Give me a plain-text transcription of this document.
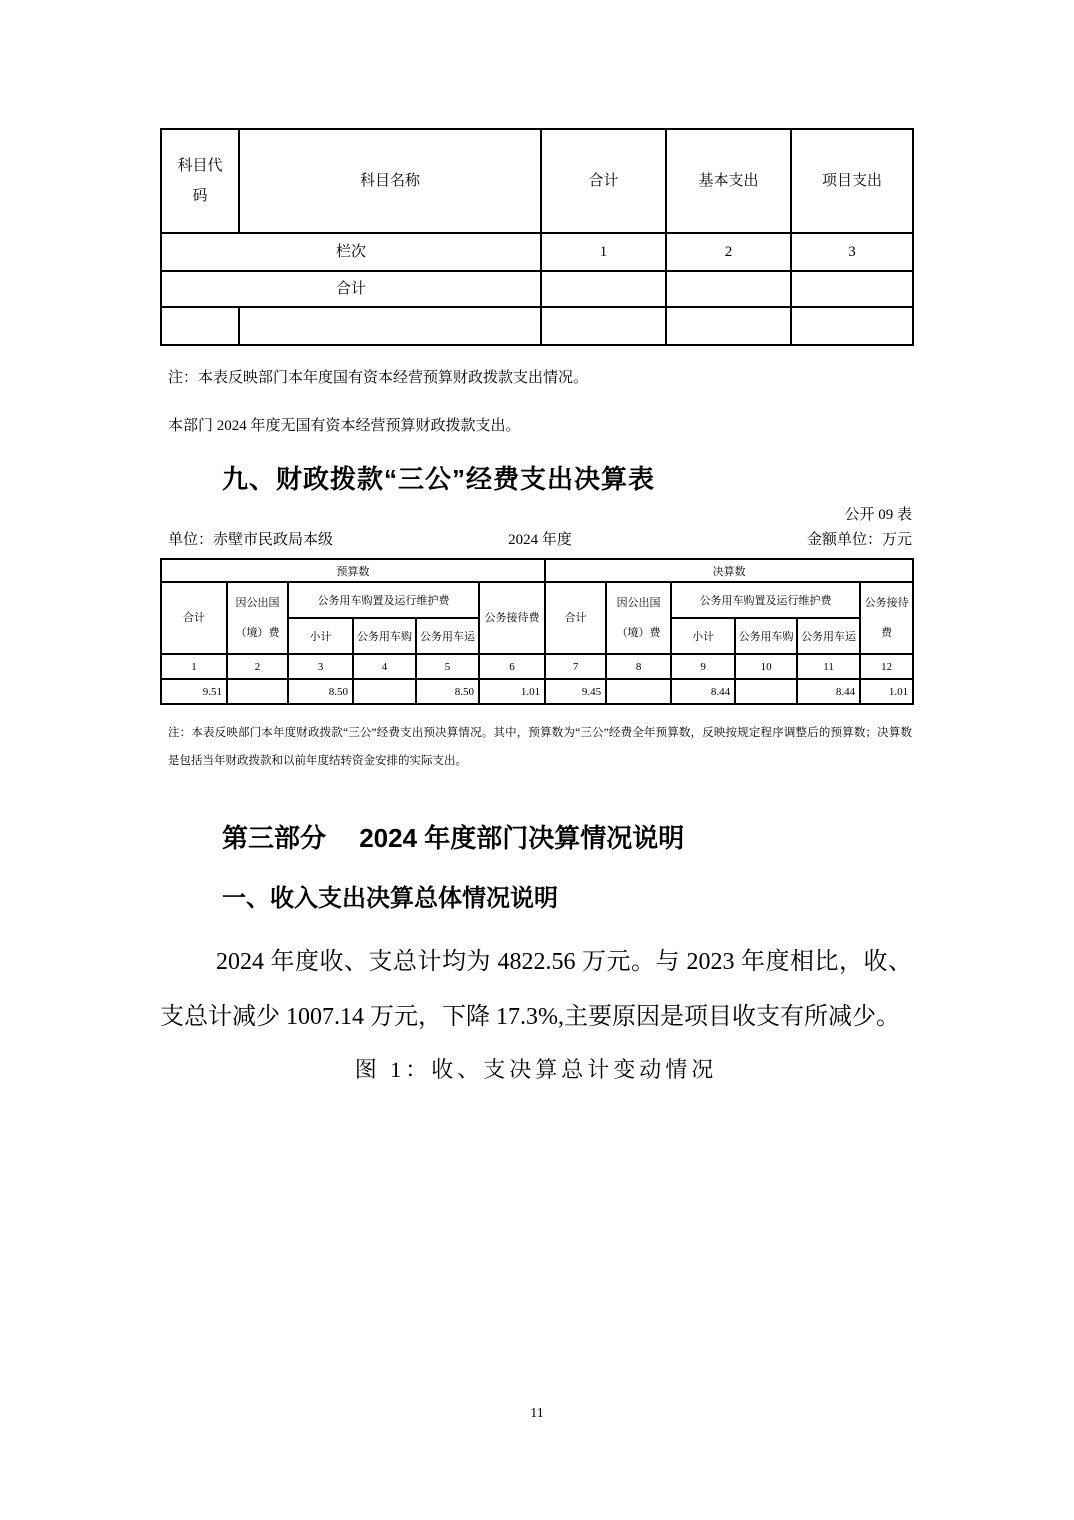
科目代码	科目名称	合计	基本支出	项目支出
栏次		1	2	3
合计				

注：本表反映部门本年度国有资本经营预算财政拨款支出情况。
本部门 2024 年度无国有资本经营预算财政拨款支出。
九、财政拨款“三公”经费支出决算表
公开 09 表
单位：赤壁市民政局本级	2024 年度	金额单位：万元
预算数						决算数					
合计	因公出国（境）费	公务用车购置及运行维护费			公务接待费	合计	因公出国（境）费	公务用车购置及运行维护费			公务接待费
		小计	公务用车购	公务用车运				小计	公务用车购	公务用车运	
1	2	3	4	5	6	7	8	9	10	11	12
9.51		8.50		8.50	1.01	9.45		8.44		8.44	1.01
注：本表反映部门本年度财政拨款“三公”经费支出预决算情况。其中，预算数为“三公”经费全年预算数，反映按规定程序调整后的预算数；决算数是包括当年财政拨款和以前年度结转资金安排的实际支出。
第三部分　 2024 年度部门决算情况说明
一、收入支出决算总体情况说明
2024 年度收、支总计均为 4822.56 万元。与 2023 年度相比，收、支总计减少 1007.14 万元，下降 17.3%,主要原因是项目收支有所减少。
图 1：收、支决算总计变动情况
11
